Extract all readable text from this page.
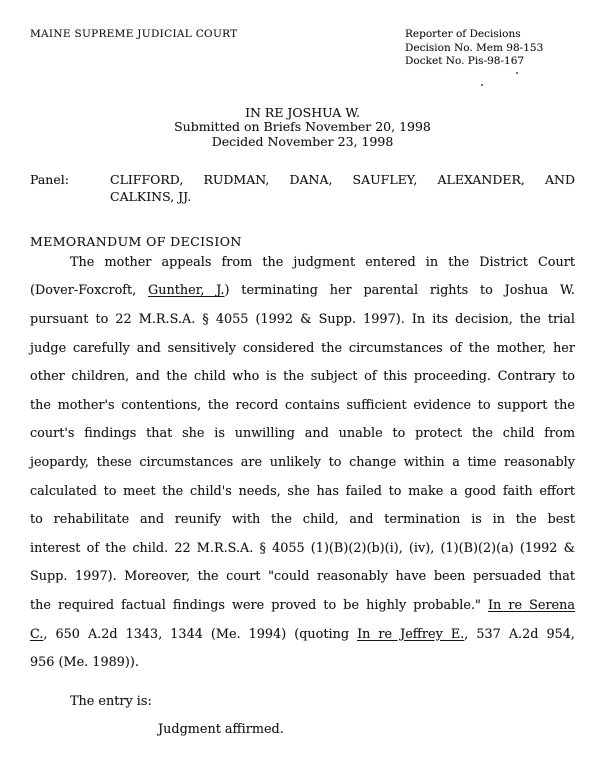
MAINE SUPREME JUDICIAL COURT	Reporter of Decisions
Decision No. Mem 98-153
Docket No. Pis-98-167
IN RE JOSHUA W.
Submitted on Briefs November 20, 1998
Decided November 23, 1998
Panel:	CLIFFORD, RUDMAN, DANA, SAUFLEY, ALEXANDER, AND
CALKINS, JJ.
MEMORANDUM OF DECISION
The mother appeals from the judgment entered in the District Court
(Dover-Foxcroft, Gunther, J.) terminating her parental rights to Joshua W.
pursuant to 22 M.R.S.A. § 4055 (1992 & Supp. 1997). In its decision, the trial
judge carefully and sensitively considered the circumstances of the mother, her
other children, and the child who is the subject of this proceeding. Contrary to
the mother's contentions, the record contains sufficient evidence to support the
court's findings that she is unwilling and unable to protect the child from
jeopardy, these circumstances are unlikely to change within a time reasonably
calculated to meet the child's needs, she has failed to make a good faith effort
to rehabilitate and reunify with the child, and termination is in the best
interest of the child. 22 M.R.S.A. § 4055 (1)(B)(2)(b)(i), (iv), (1)(B)(2)(a) (1992 &
Supp. 1997). Moreover, the court "could reasonably have been persuaded that
the required factual findings were proved to be highly probable." In re Serena
C., 650 A.2d 1343, 1344 (Me. 1994) (quoting In re Jeffrey E., 537 A.2d 954,
956 (Me. 1989)).
The entry is:
Judgment affirmed.
